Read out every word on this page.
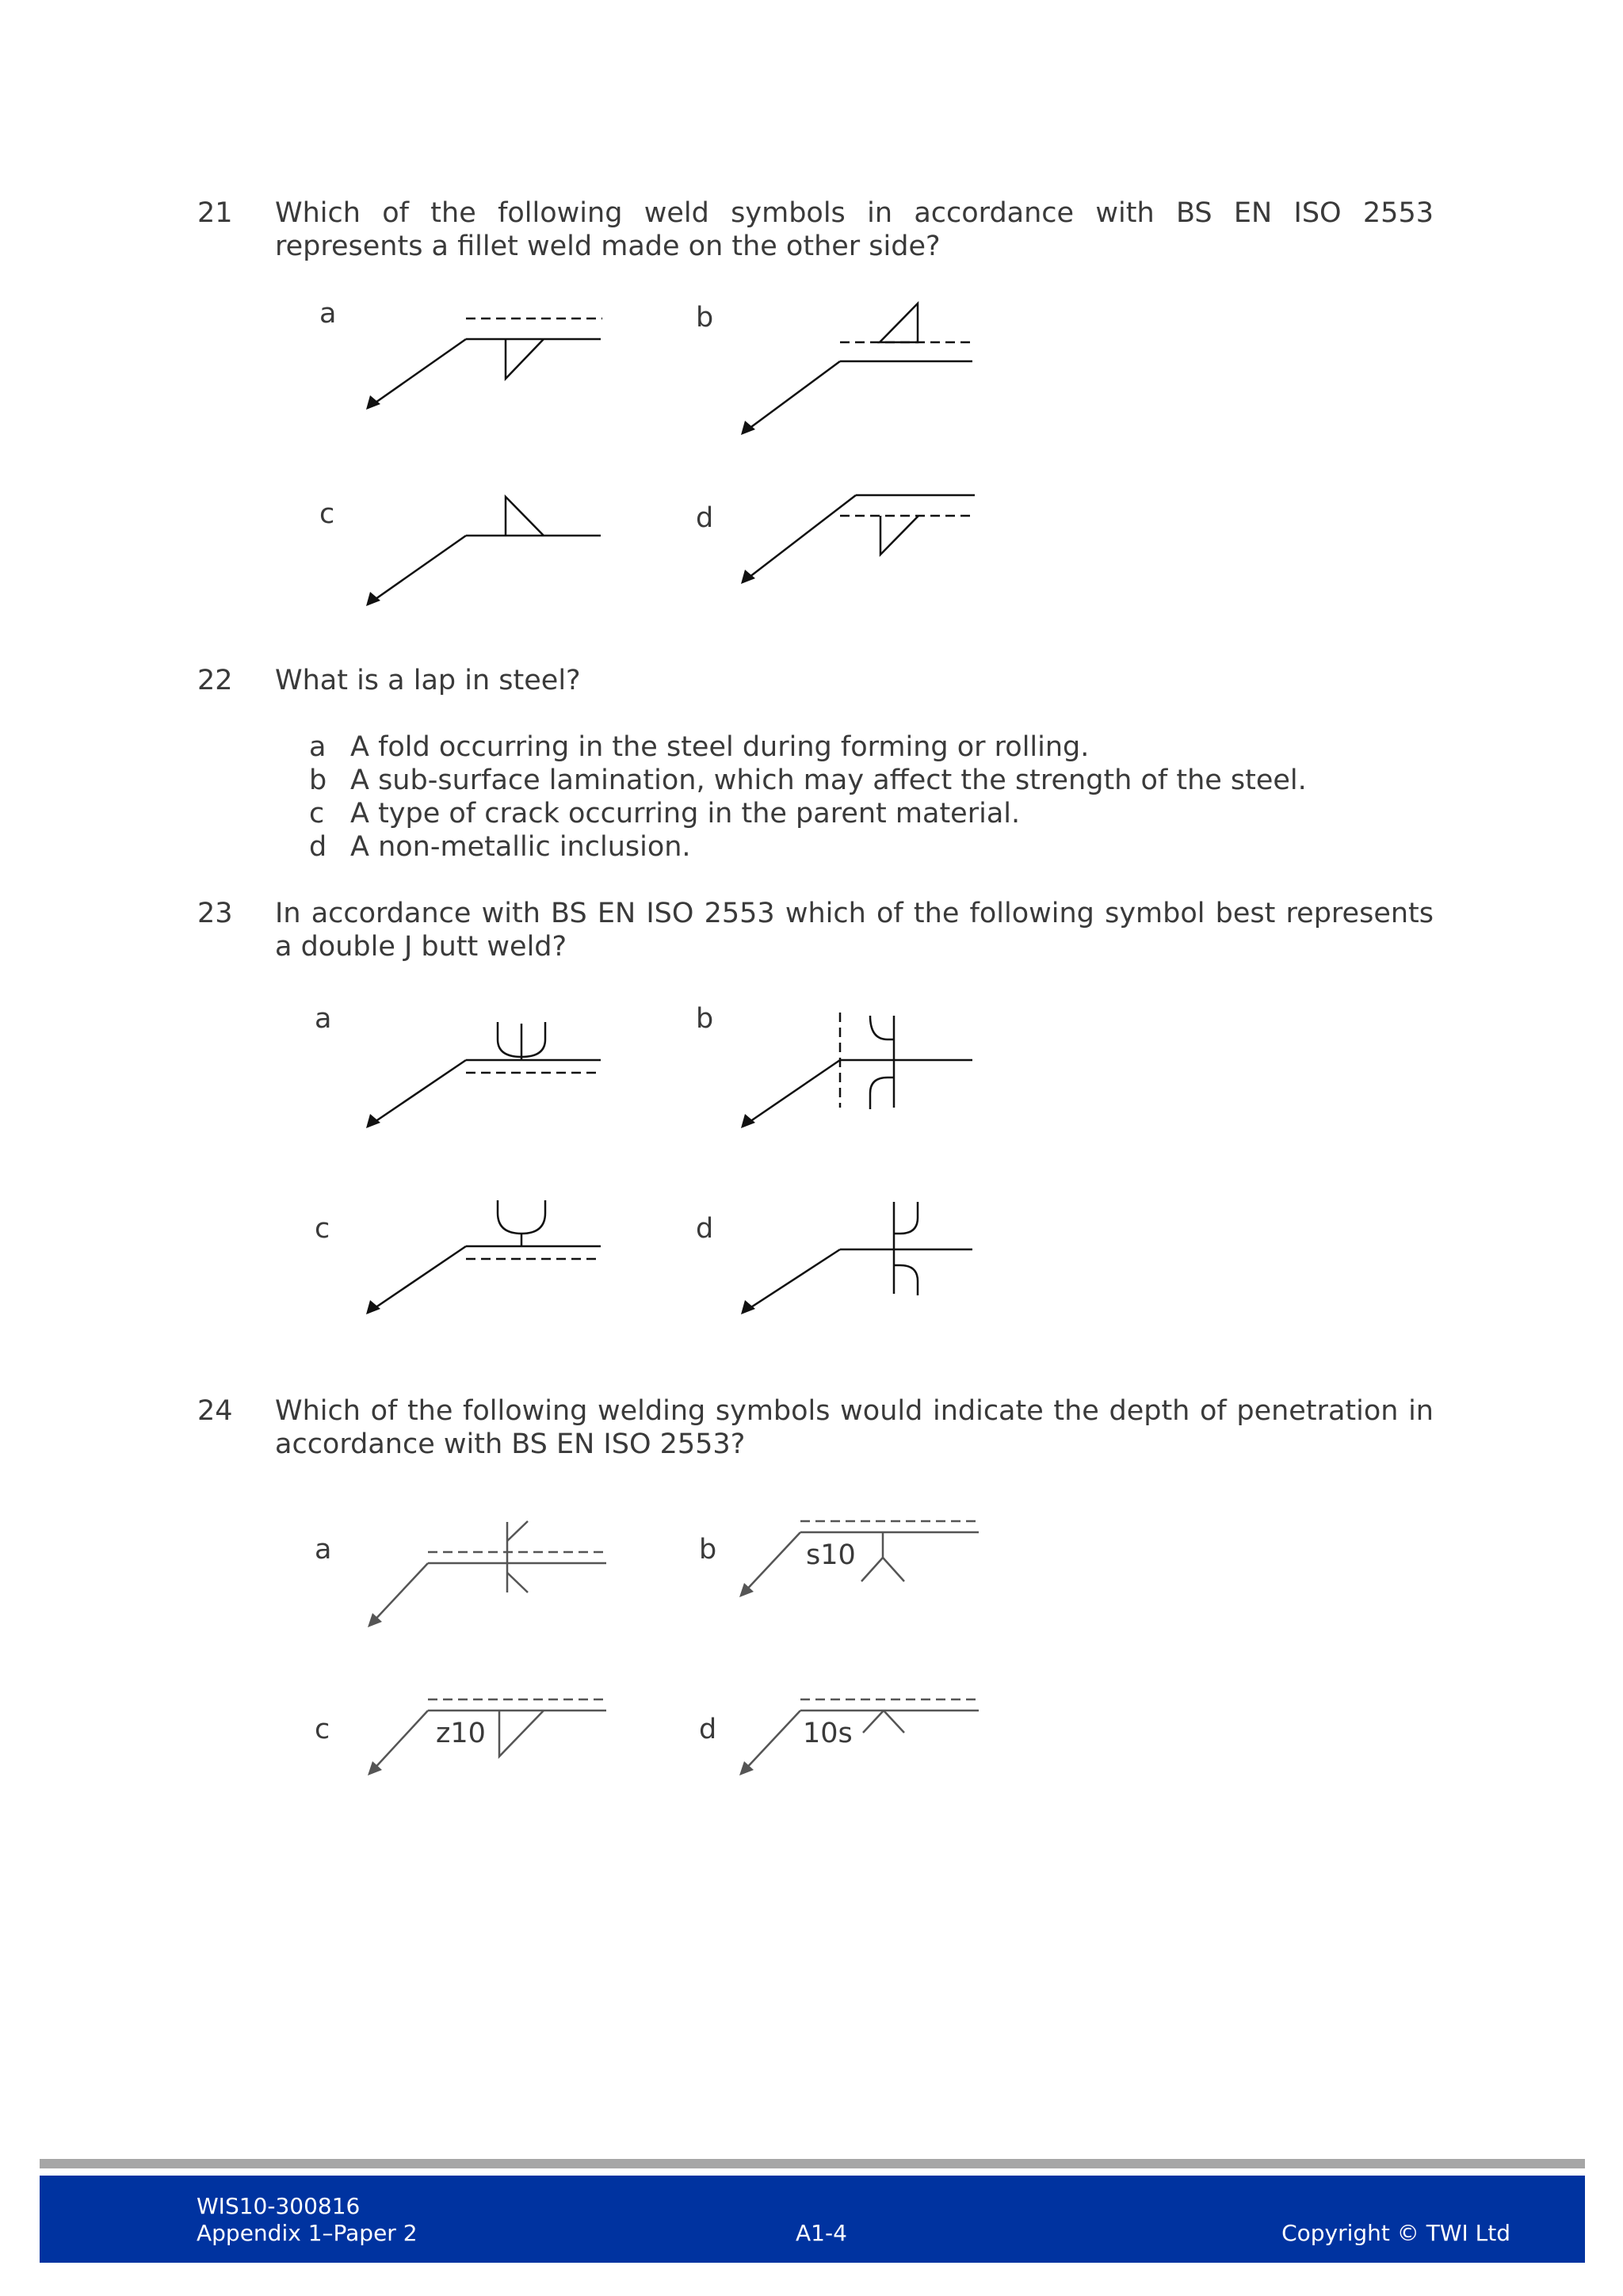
21 Which of the following weld symbols in accordance with BS EN ISO 2553 represents a fillet weld made on the other side?
a	b
c	d
22 What is a lap in steel?
a A fold occurring in the steel during forming or rolling.
b A sub-surface lamination, which may affect the strength of the steel.
c A type of crack occurring in the parent material.
d A non-metallic inclusion.
23 In accordance with BS EN ISO 2553 which of the following symbol best represents a double J butt weld?
a	b
c	d
24 Which of the following welding symbols would indicate the depth of penetration in accordance with BS EN ISO 2553?
a	b
c	d
s10
z10	10s
WIS10-300816
Appendix 1–Paper 2	A1-4	Copyright © TWI Ltd
